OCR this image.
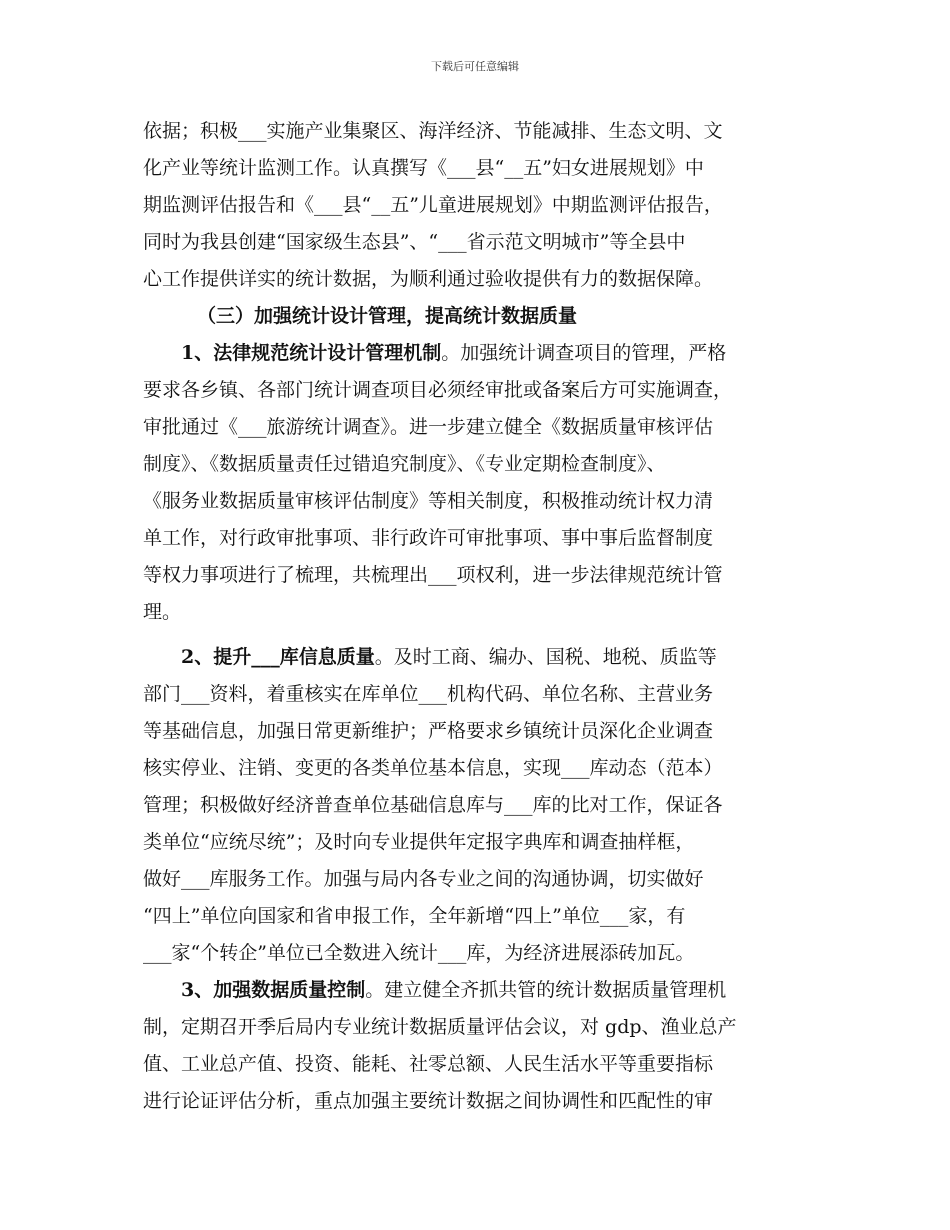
下载后可任意编辑
依据；积极___实施产业集聚区、海洋经济、节能减排、生态文明、文
化产业等统计监测工作。认真撰写《___县“__五”妇女进展规划》中
期监测评估报告和《___县“__五”儿童进展规划》中期监测评估报告，
同时为我县创建“国家级生态县”、“___省示范文明城市”等全县中
心工作提供详实的统计数据，为顺利通过验收提供有力的数据保障。
（三）加强统计设计管理，提高统计数据质量
1、法律规范统计设计管理机制。加强统计调查项目的管理，严格
要求各乡镇、各部门统计调查项目必须经审批或备案后方可实施调查，
审批通过《___旅游统计调查》。进一步建立健全《数据质量审核评估
制度》、《数据质量责任过错追究制度》、《专业定期检查制度》、
《服务业数据质量审核评估制度》等相关制度，积极推动统计权力清
单工作，对行政审批事项、非行政许可审批事项、事中事后监督制度
等权力事项进行了梳理，共梳理出___项权利，进一步法律规范统计管
理。
2、提升___库信息质量。及时工商、编办、国税、地税、质监等
部门___资料，着重核实在库单位___机构代码、单位名称、主营业务
等基础信息，加强日常更新维护；严格要求乡镇统计员深化企业调查
核实停业、注销、变更的各类单位基本信息，实现___库动态（范本）
管理；积极做好经济普查单位基础信息库与___库的比对工作，保证各
类单位“应统尽统”；及时向专业提供年定报字典库和调查抽样框，
做好___库服务工作。加强与局内各专业之间的沟通协调，切实做好
“四上”单位向国家和省申报工作，全年新增“四上”单位___家，有
___家“个转企”单位已全数进入统计___库，为经济进展添砖加瓦。
3、加强数据质量控制。建立健全齐抓共管的统计数据质量管理机
制，定期召开季后局内专业统计数据质量评估会议，对 gdp、渔业总产
值、工业总产值、投资、能耗、社零总额、人民生活水平等重要指标
进行论证评估分析，重点加强主要统计数据之间协调性和匹配性的审
